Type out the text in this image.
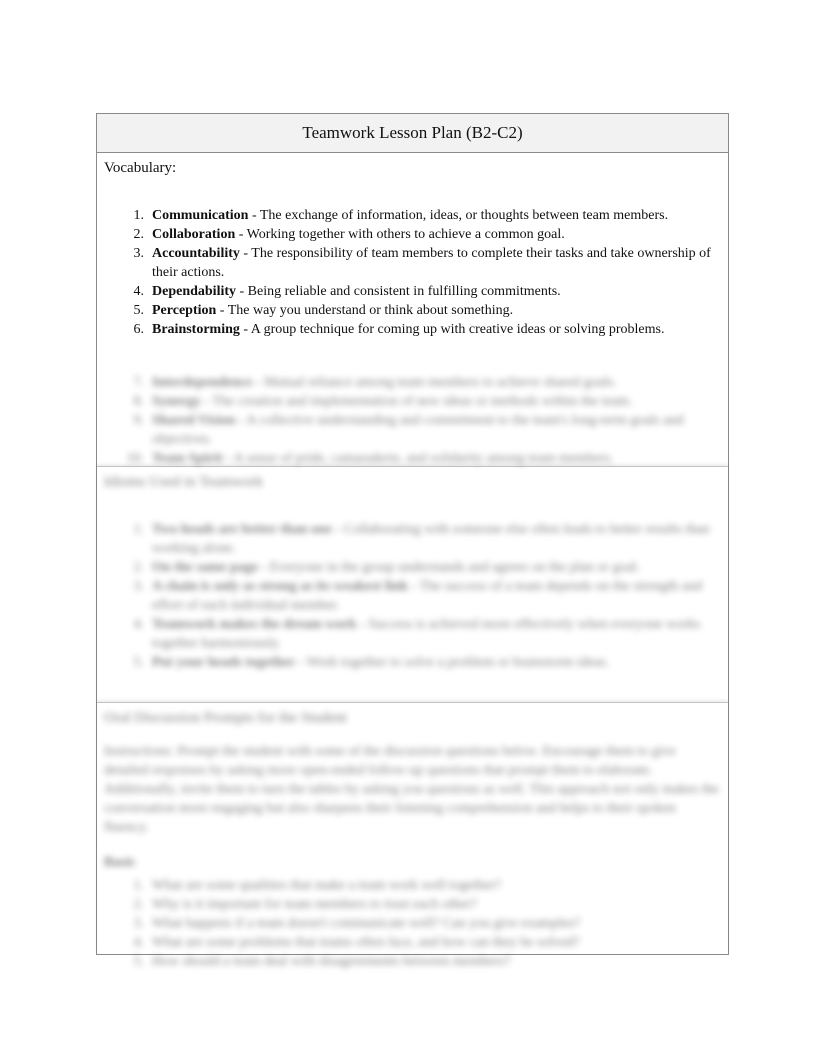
Teamwork Lesson Plan (B2-C2)
Vocabulary:
1. Communication - The exchange of information, ideas, or thoughts between team members.
2. Collaboration - Working together with others to achieve a common goal.
3. Accountability - The responsibility of team members to complete their tasks and take ownership of their actions.
4. Dependability - Being reliable and consistent in fulfilling commitments.
5. Perception - The way you understand or think about something.
6. Brainstorming - A group technique for coming up with creative ideas or solving problems.
7. Interdependence - Mutual reliance among team members to achieve shared goals.
8. Synergy - The creation and implementation of new ideas or methods within the team.
9. Shared Vision - A collective understanding and commitment to the team's long-term goals and objectives.
10. Team Spirit - A sense of pride, camaraderie, and solidarity among team members.
Idioms Used in Teamwork
1. Two heads are better than one - Collaborating with someone else often leads to better results than working alone.
2. On the same page - Everyone in the group understands and agrees on the plan or goal.
3. A chain is only as strong as its weakest link - The success of a team depends on the strength and effort of each individual member.
4. Teamwork makes the dream work - Success is achieved more effectively when everyone works together harmoniously.
5. Put your heads together - Work together to solve a problem or brainstorm ideas.
Oral Discussion Prompts for the Student
Instructions: Prompt the student with some of the discussion questions below. Encourage them to give detailed responses by asking more open-ended follow-up questions that prompt them to elaborate. Additionally, invite them to turn the tables by asking you questions as well. This approach not only makes the conversation more engaging but also sharpens their listening comprehension and helps to their spoken fluency.
Basic
1. What are some qualities that make a team work well together?
2. Why is it important for team members to trust each other?
3. What happens if a team doesn't communicate well? Can you give examples?
4. What are some problems that teams often face, and how can they be solved?
5. How should a team deal with disagreements between members?
